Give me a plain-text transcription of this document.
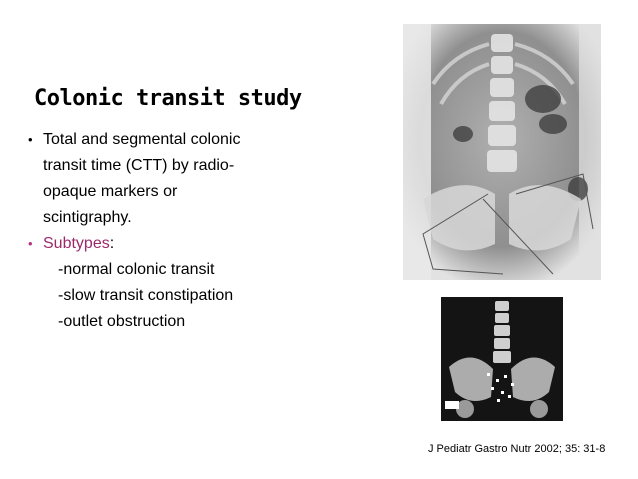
Colonic transit study
• Total and segmental colonic
transit time (CTT) by radio-
opaque markers or
scintigraphy.
• Subtypes:
-normal colonic transit
-slow transit constipation
-outlet obstruction
J Pediatr Gastro Nutr 2002; 35: 31-8
